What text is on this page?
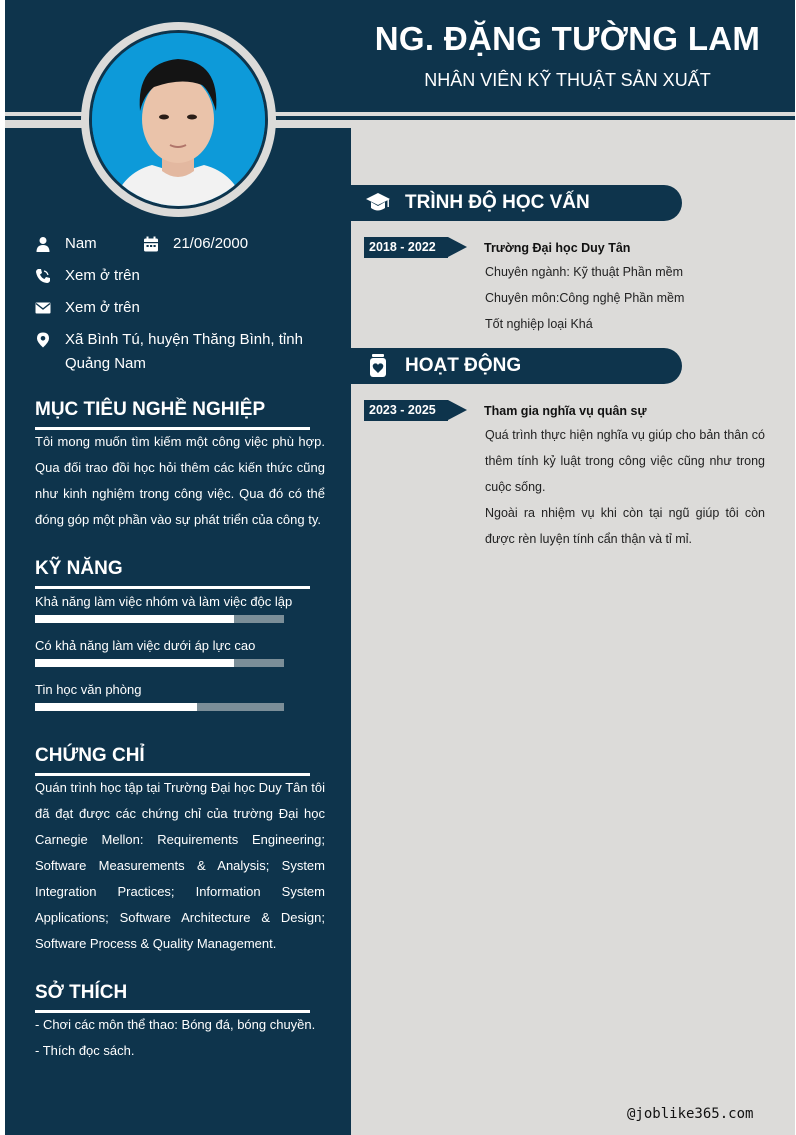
NG. ĐẶNG TƯỜNG LAM
NHÂN VIÊN KỸ THUẬT SẢN XUẤT
Nam	21/06/2000
Xem ở trên
Xem ở trên
Xã Bình Tú, huyện Thăng Bình, tỉnh
Quảng Nam
MỤC TIÊU NGHỀ NGHIỆP
Tôi mong muốn tìm kiếm một công việc phù hợp. Qua đối trao đồi học hỏi thêm các kiến thức cũng như kinh nghiệm trong công việc. Qua đó có thể đóng góp một phần vào sự phát triển của công ty.
KỸ NĂNG
Khả năng làm việc nhóm và làm việc độc lập
Có khả năng làm việc dưới áp lực cao
Tin học văn phòng
CHỨNG CHỈ
Quán trình học tập tại Trường Đại học Duy Tân tôi đã đạt được các chứng chỉ của trường Đại học Carnegie Mellon: Requirements Engineering; Software Measurements & Analysis; System Integration Practices; Information System Applications; Software Architecture & Design; Software Process & Quality Management.
SỞ THÍCH
- Chơi các môn thể thao: Bóng đá, bóng chuyền.
- Thích đọc sách.
TRÌNH ĐỘ HỌC VẤN
2018 - 2022	Trường Đại học Duy Tân
Chuyên ngành: Kỹ thuật Phần mềm
Chuyên môn:Công nghệ Phần mềm
Tốt nghiệp loại Khá
HOẠT ĐỘNG
2023 - 2025	Tham gia nghĩa vụ quân sự
Quá trình thực hiện nghĩa vụ giúp cho bản thân có thêm tính kỷ luật trong công việc cũng như trong cuộc sống.
Ngoài ra nhiệm vụ khi còn tại ngũ giúp tôi còn được rèn luyện tính cẩn thận và tỉ mỉ.
@joblike365.com
